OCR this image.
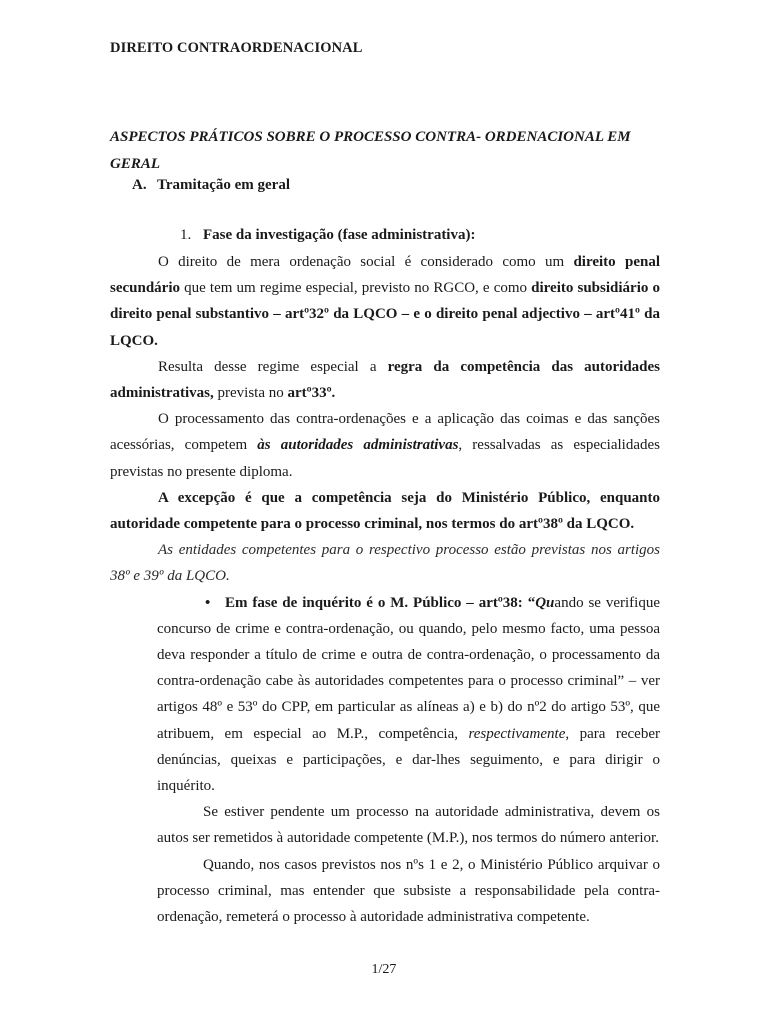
DIREITO CONTRAORDENACIONAL
ASPECTOS PRÁTICOS SOBRE O PROCESSO CONTRA- ORDENACIONAL EM
GERAL
A. Tramitação em geral
1. Fase da investigação (fase administrativa):

O direito de mera ordenação social é considerado como um direito penal secundário que tem um regime especial, previsto no RGCO, e como direito subsidiário o direito penal substantivo – artº32º da LQCO – e o direito penal adjectivo – artº41º da LQCO.

Resulta desse regime especial a regra da competência das autoridades administrativas, prevista no artº33º.

O processamento das contra-ordenações e a aplicação das coimas e das sanções acessórias, competem às autoridades administrativas, ressalvadas as especialidades previstas no presente diploma.

A excepção é que a competência seja do Ministério Público, enquanto autoridade competente para o processo criminal, nos termos do artº38º da LQCO.

As entidades competentes para o respectivo processo estão previstas nos artigos 38º e 39º da LQCO.

• Em fase de inquérito é o M. Público – artº38: “Quando se verifique concurso de crime e contra-ordenação, ou quando, pelo mesmo facto, uma pessoa deva responder a título de crime e outra de contra-ordenação, o processamento da contra-ordenação cabe às autoridades competentes para o processo criminal” – ver artigos 48º e 53º do CPP, em particular as alíneas a) e b) do nº2 do artigo 53º, que atribuem, em especial ao M.P., competência, respectivamente, para receber denúncias, queixas e participações, e dar-lhes seguimento, e para dirigir o inquérito.

Se estiver pendente um processo na autoridade administrativa, devem os autos ser remetidos à autoridade competente (M.P.), nos termos do número anterior.

Quando, nos casos previstos nos nºs 1 e 2, o Ministério Público arquivar o processo criminal, mas entender que subsiste a responsabilidade pela contra-ordenação, remeterá o processo à autoridade administrativa competente.

1/27
